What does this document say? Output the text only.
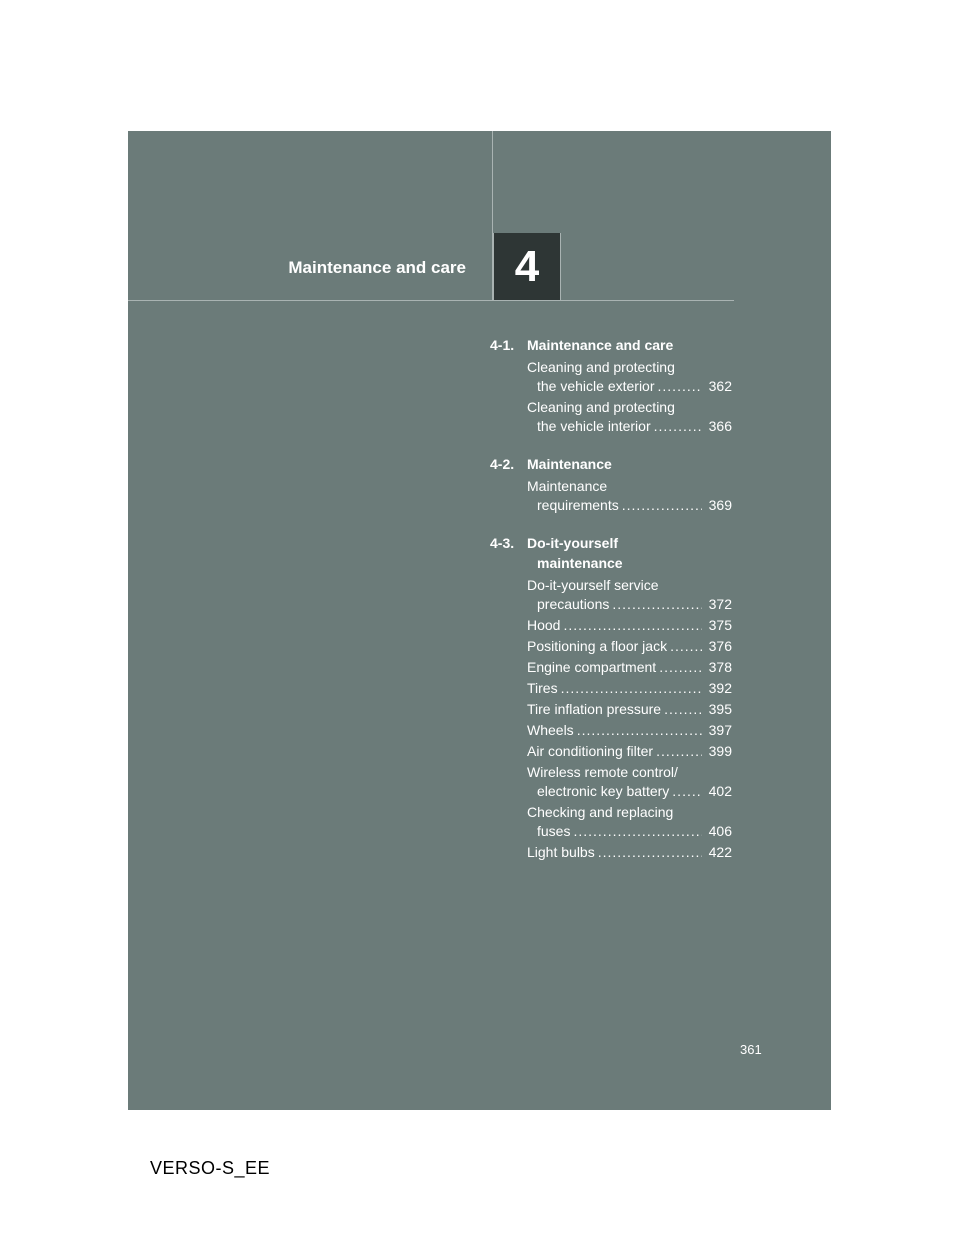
Maintenance and care 4
4-1. Maintenance and care
Cleaning and protecting
the vehicle exterior .....	362
Cleaning and protecting
the vehicle interior .....	366
4-2. Maintenance
Maintenance
requirements .....	369
4-3. Do-it-yourself
maintenance
Do-it-yourself service
precautions .....	372
Hood .....	375
Positioning a floor jack .....	376
Engine compartment .....	378
Tires .....	392
Tire inflation pressure .....	395
Wheels .....	397
Air conditioning filter .....	399
Wireless remote control/
electronic key battery .....	402
Checking and replacing
fuses .....	406
Light bulbs .....	422
361
VERSO-S_EE
